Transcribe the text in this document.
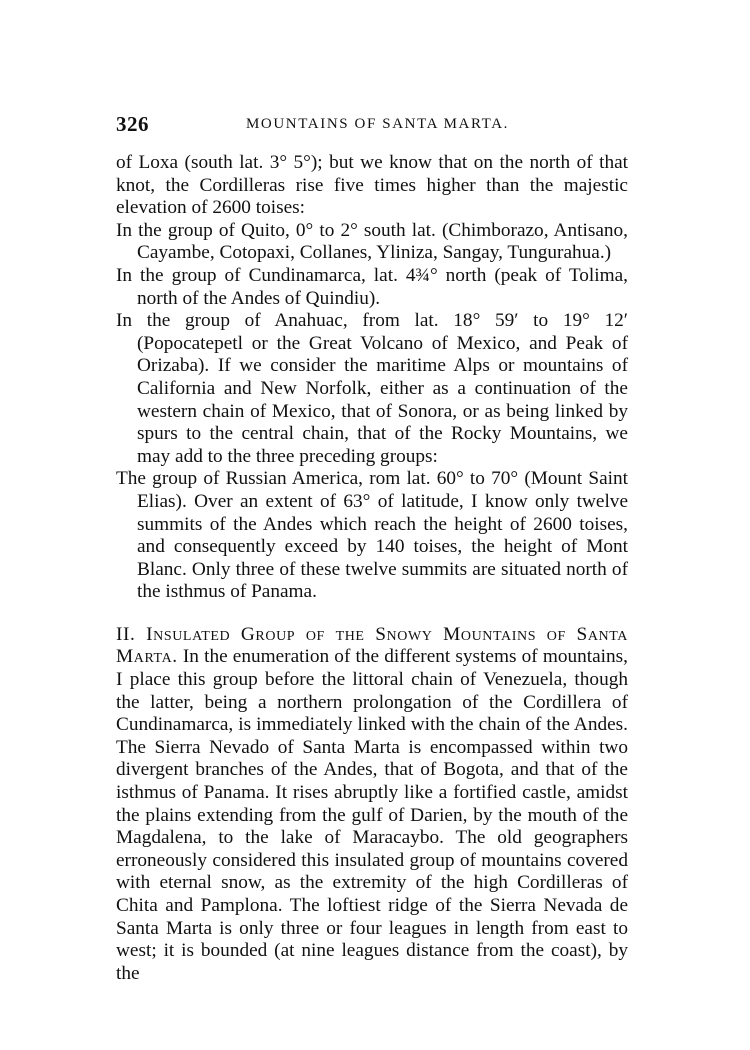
326	MOUNTAINS OF SANTA MARTA.

of Loxa (south lat. 3° 5°); but we know that on the north of that knot, the Cordilleras rise five times higher than the majestic elevation of 2600 toises:

In the group of Quito, 0° to 2° south lat. (Chimborazo, Antisano, Cayambe, Cotopaxi, Collanes, Yliniza, Sangay, Tungurahua.)

In the group of Cundinamarca, lat. 4¾° north (peak of Tolima, north of the Andes of Quindiu).

In the group of Anahuac, from lat. 18° 59′ to 19° 12′ (Popocatepetl or the Great Volcano of Mexico, and Peak of Orizaba). If we consider the maritime Alps or mountains of California and New Norfolk, either as a continuation of the western chain of Mexico, that of Sonora, or as being linked by spurs to the central chain, that of the Rocky Mountains, we may add to the three preceding groups:

The group of Russian America, rom lat. 60° to 70° (Mount Saint Elias). Over an extent of 63° of latitude, I know only twelve summits of the Andes which reach the height of 2600 toises, and consequently exceed by 140 toises, the height of Mont Blanc. Only three of these twelve summits are situated north of the isthmus of Panama.

II. Insulated Group of the Snowy Mountains of Santa Marta. In the enumeration of the different systems of mountains, I place this group before the littoral chain of Venezuela, though the latter, being a northern prolongation of the Cordillera of Cundinamarca, is immediately linked with the chain of the Andes. The Sierra Nevado of Santa Marta is encompassed within two divergent branches of the Andes, that of Bogota, and that of the isthmus of Panama. It rises abruptly like a fortified castle, amidst the plains extending from the gulf of Darien, by the mouth of the Magdalena, to the lake of Maracaybo. The old geographers erroneously considered this insulated group of mountains covered with eternal snow, as the extremity of the high Cordilleras of Chita and Pamplona. The loftiest ridge of the Sierra Nevada de Santa Marta is only three or four leagues in length from east to west; it is bounded (at nine leagues distance from the coast), by the
